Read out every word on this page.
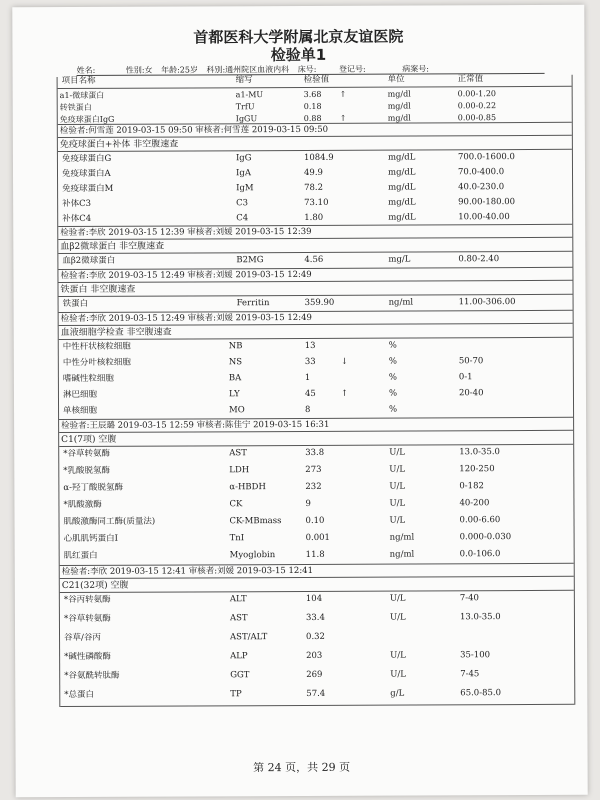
首都医科大学附属北京友谊医院
检验单1
姓名:	性别:女 年龄:25岁 科别:通州院区血液内科 床号:	登记号:	病案号:
项目名称	缩写	检验值	单位	正常值
a1-微球蛋白	a1-MU	3.68	mg/dl	0.00-1.20
↑
转铁蛋白	TrfU	0.18	mg/dl	0.00-0.22
免疫球蛋白IgG	IgGU	0.88	mg/dl	0.00-0.85
↑
检验者:何雪莲 2019-03-15 09:50 审核者:何雪莲 2019-03-15 09:50
免疫球蛋白+补体 非空腹速查
免疫球蛋白G	IgG	1084.9	mg/dL	700.0-1600.0
免疫球蛋白A	IgA	49.9	mg/dL	70.0-400.0
免疫球蛋白M	IgM	78.2	mg/dL	40.0-230.0
补体C3	C3	73.10	mg/dL	90.00-180.00
补体C4	C4	1.80	mg/dL	10.00-40.00
检验者:李欣 2019-03-15 12:39 审核者:刘媛 2019-03-15 12:39
血β2微球蛋白 非空腹速查
血β2微球蛋白	B2MG	4.56	mg/L	0.80-2.40
检验者:李欣 2019-03-15 12:49 审核者:刘媛 2019-03-15 12:49
铁蛋白 非空腹速查
铁蛋白	Ferritin	359.90	ng/ml	11.00-306.00
检验者:李欣 2019-03-15 12:49 审核者:刘媛 2019-03-15 12:49
血液细胞学检查 非空腹速查
中性杆状核粒细胞	NB	13	%
中性分叶核粒细胞	NS	33	%	50-70
↓
嗜碱性粒细胞	BA	1	%	0-1
淋巴细胞	LY	45	%	20-40
↑
单核细胞	MO	8	%
检验者:王辰璐 2019-03-15 12:59 审核者:陈佳宁 2019-03-15 16:31
C1(7项) 空腹
*谷草转氨酶	AST	33.8	U/L	13.0-35.0
*乳酸脱氢酶	LDH	273	U/L	120-250
α-羟丁酸脱氢酶	α-HBDH	232	U/L	0-182
*肌酸激酶	CK	9	U/L	40-200
肌酸激酶同工酶(质量法)	CK-MBmass	0.10	U/L	0.00-6.60
心肌肌钙蛋白I	TnI	0.001	ng/ml	0.000-0.030
肌红蛋白	Myoglobin	11.8	ng/ml	0.0-106.0
检验者:李欣 2019-03-15 12:41 审核者:刘媛 2019-03-15 12:41
C21(32项) 空腹
*谷丙转氨酶	ALT	104	U/L	7-40
*谷草转氨酶	AST	33.4	U/L	13.0-35.0
谷草/谷丙	AST/ALT	0.32
*碱性磷酸酶	ALP	203	U/L	35-100
*谷氨酰转肽酶	GGT	269	U/L	7-45
*总蛋白	TP	57.4	g/L	65.0-85.0
第 24 页，共 29 页
